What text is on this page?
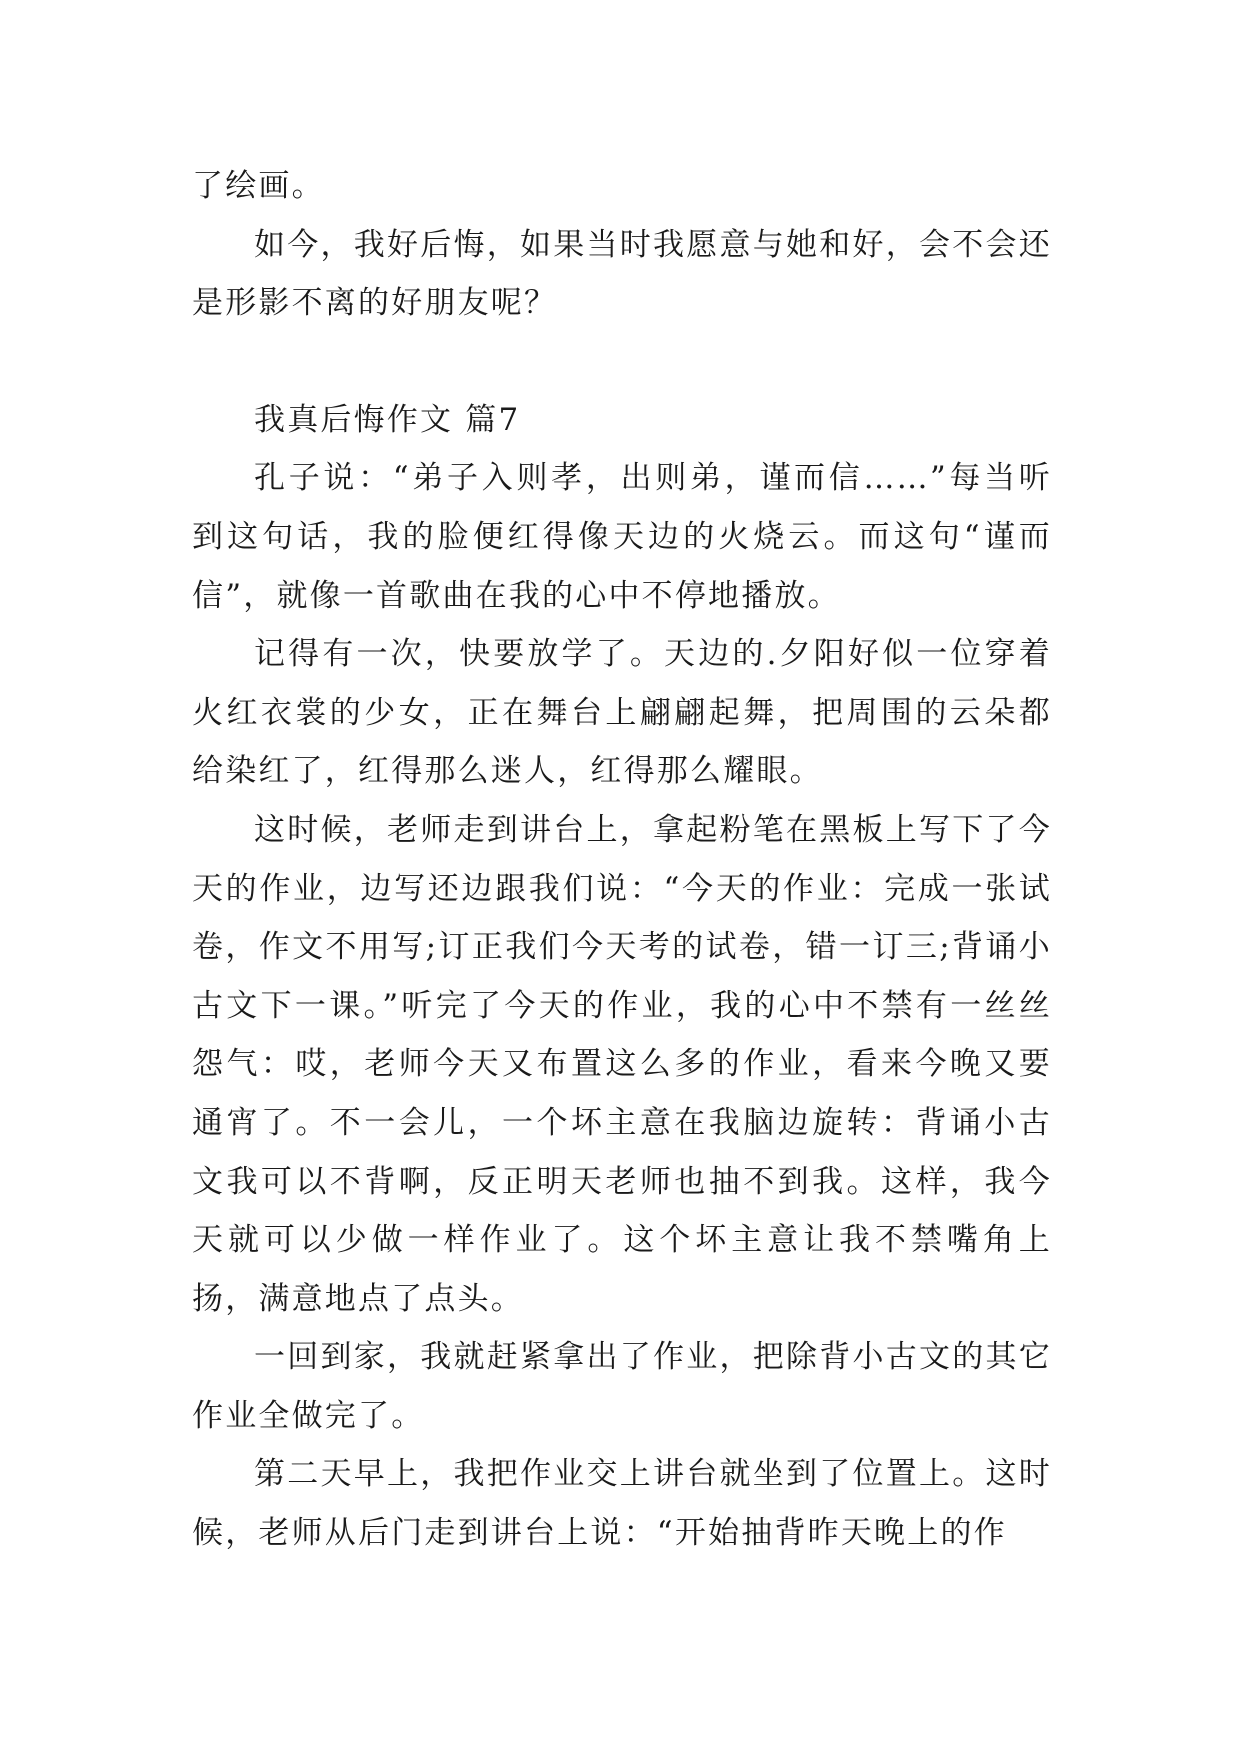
了绘画。

如今，我好后悔，如果当时我愿意与她和好，会不会还是形影不离的好朋友呢？

我真后悔作文 篇7

孔子说：“弟子入则孝，出则弟，谨而信……”每当听到这句话，我的脸便红得像天边的火烧云。而这句“谨而信”，就像一首歌曲在我的心中不停地播放。

记得有一次，快要放学了。天边的.夕阳好似一位穿着火红衣裳的少女，正在舞台上翩翩起舞，把周围的云朵都给染红了，红得那么迷人，红得那么耀眼。

这时候，老师走到讲台上，拿起粉笔在黑板上写下了今天的作业，边写还边跟我们说：“今天的作业：完成一张试卷，作文不用写;订正我们今天考的试卷，错一订三;背诵小古文下一课。”听完了今天的作业，我的心中不禁有一丝丝怨气：哎，老师今天又布置这么多的作业，看来今晚又要通宵了。不一会儿，一个坏主意在我脑边旋转：背诵小古文我可以不背啊，反正明天老师也抽不到我。这样，我今天就可以少做一样作业了。这个坏主意让我不禁嘴角上扬，满意地点了点头。

一回到家，我就赶紧拿出了作业，把除背小古文的其它作业全做完了。

第二天早上，我把作业交上讲台就坐到了位置上。这时候，老师从后门走到讲台上说：“开始抽背昨天晚上的作
